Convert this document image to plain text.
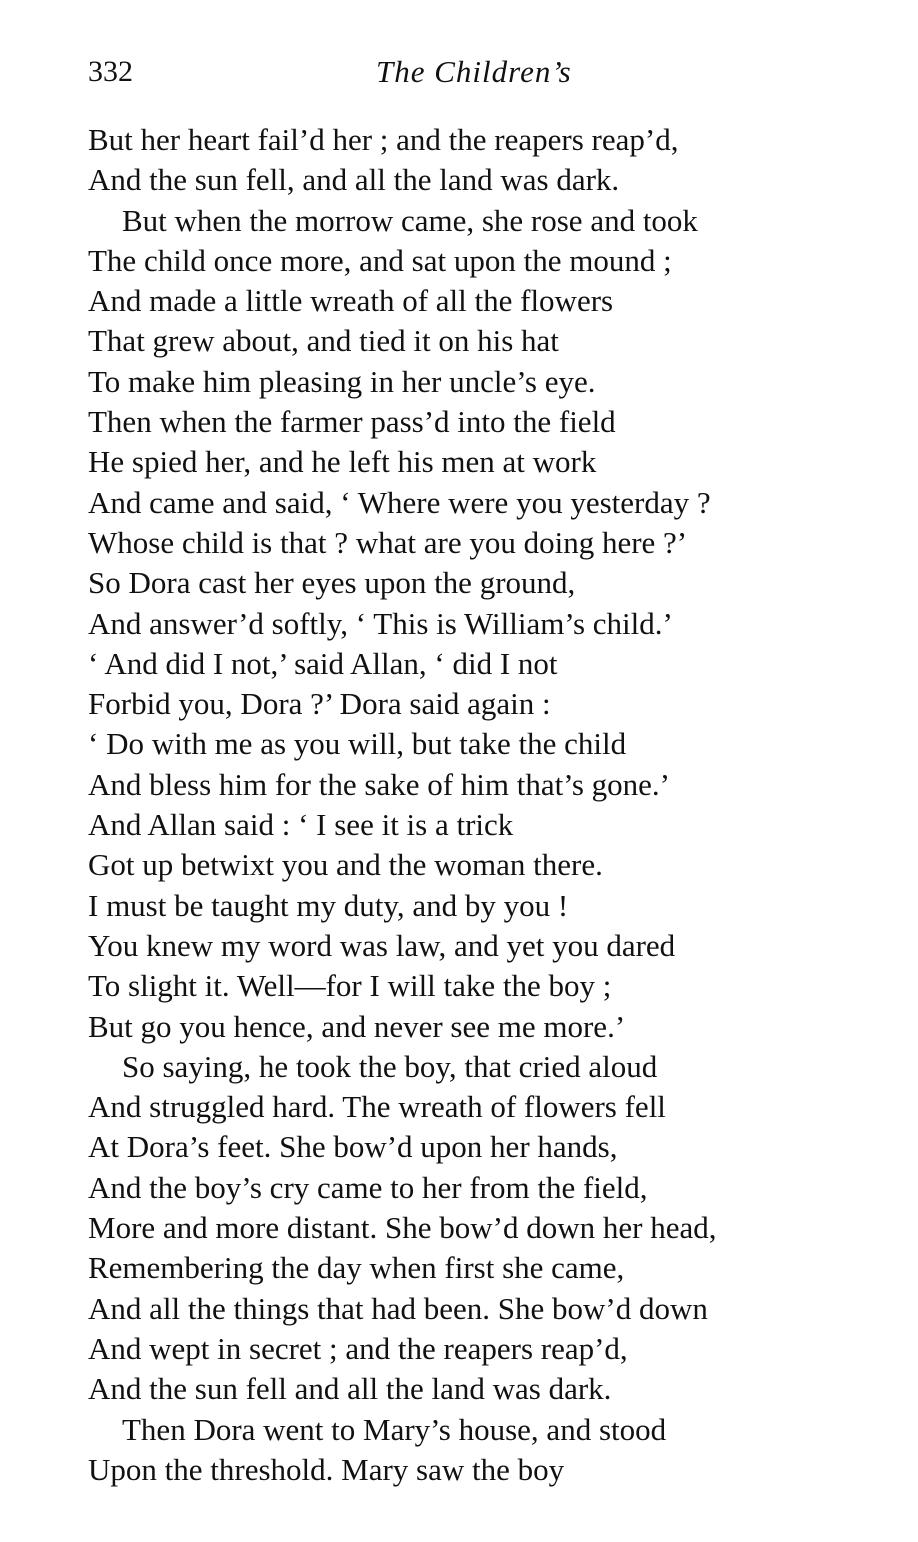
332	The Children’s
But her heart fail’d her ; and the reapers reap’d,
And the sun fell, and all the land was dark.
But when the morrow came, she rose and took
The child once more, and sat upon the mound ;
And made a little wreath of all the flowers
That grew about, and tied it on his hat
To make him pleasing in her uncle’s eye.
Then when the farmer pass’d into the field
He spied her, and he left his men at work
And came and said, ‘ Where were you yesterday ?
Whose child is that ? what are you doing here ?’
So Dora cast her eyes upon the ground,
And answer’d softly, ‘ This is William’s child.’
‘ And did I not,’ said Allan, ‘ did I not
Forbid you, Dora ?’ Dora said again :
‘ Do with me as you will, but take the child
And bless him for the sake of him that’s gone.’
And Allan said : ‘ I see it is a trick
Got up betwixt you and the woman there.
I must be taught my duty, and by you !
You knew my word was law, and yet you dared
To slight it. Well—for I will take the boy ;
But go you hence, and never see me more.’
So saying, he took the boy, that cried aloud
And struggled hard. The wreath of flowers fell
At Dora’s feet. She bow’d upon her hands,
And the boy’s cry came to her from the field,
More and more distant. She bow’d down her head,
Remembering the day when first she came,
And all the things that had been. She bow’d down
And wept in secret ; and the reapers reap’d,
And the sun fell and all the land was dark.
Then Dora went to Mary’s house, and stood
Upon the threshold. Mary saw the boy
